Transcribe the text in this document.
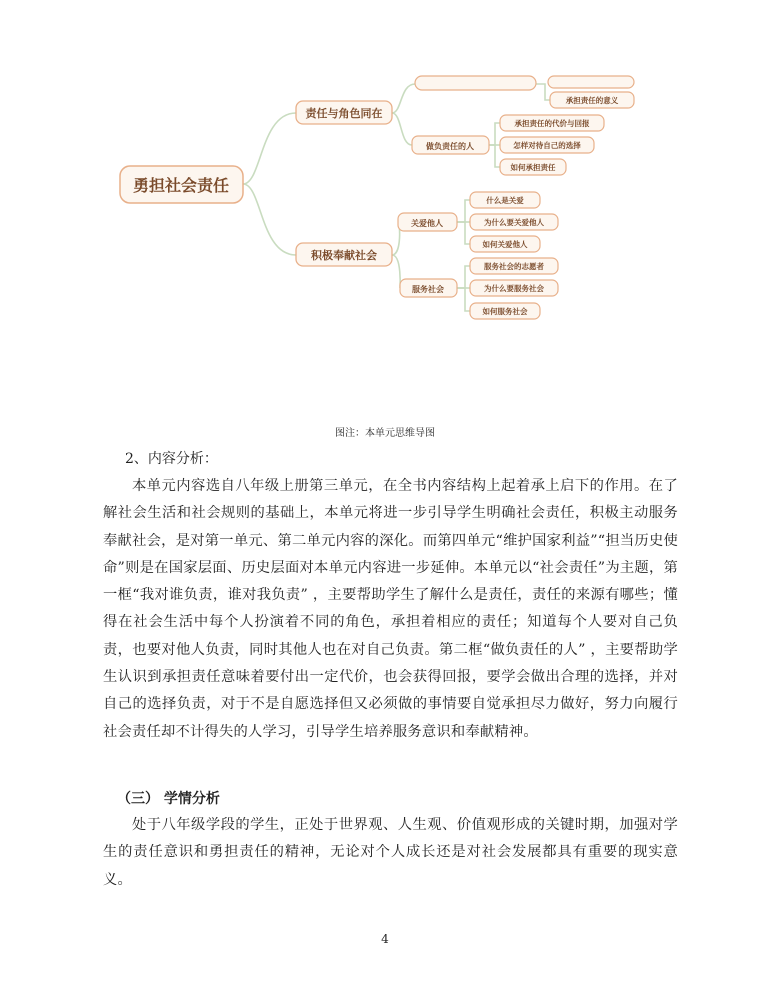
勇担社会责任
责任与角色同在
做负责任的人
承担责任的意义
承担责任的代价与回报
怎样对待自己的选择
如何承担责任
积极奉献社会
关爱他人
服务社会
什么是关爱
为什么要关爱他人
如何关爱他人
服务社会的志愿者
为什么要服务社会
如何服务社会
图注：本单元思维导图
2、内容分析：

本单元内容选自八年级上册第三单元，在全书内容结构上起着承上启下的作用。在了解社会生活和社会规则的基础上，本单元将进一步引导学生明确社会责任，积极主动服务奉献社会，是对第一单元、第二单元内容的深化。而第四单元“维护国家利益”“担当历史使命”则是在国家层面、历史层面对本单元内容进一步延伸。本单元以“社会责任”为主题，第一框“我对谁负责，谁对我负责” ，主要帮助学生了解什么是责任，责任的来源有哪些；懂得在社会生活中每个人扮演着不同的角色，承担着相应的责任；知道每个人要对自己负责，也要对他人负责，同时其他人也在对自己负责。第二框“做负责任的人” ，主要帮助学生认识到承担责任意味着要付出一定代价，也会获得回报，要学会做出合理的选择，并对自己的选择负责，对于不是自愿选择但又必须做的事情要自觉承担尽力做好，努力向履行社会责任却不计得失的人学习，引导学生培养服务意识和奉献精神。

（三） 学情分析

处于八年级学段的学生，正处于世界观、人生观、价值观形成的关键时期，加强对学生的责任意识和勇担责任的精神，无论对个人成长还是对社会发展都具有重要的现实意义。

4
